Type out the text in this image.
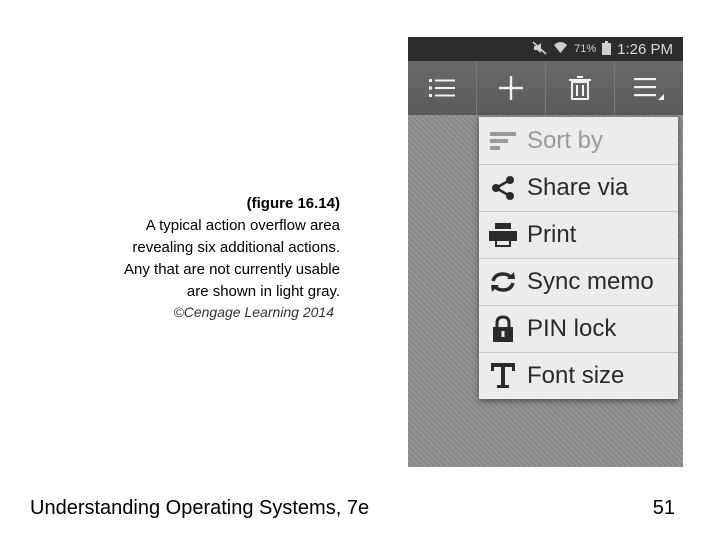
(figure 16.14)
A typical action overflow area
revealing six additional actions.
Any that are not currently usable
are shown in light gray.
©Cengage Learning 2014
71% 1:26 PM
Sort by
Share via
Print
Sync memo
PIN lock
Font size
Understanding Operating Systems, 7e	51
